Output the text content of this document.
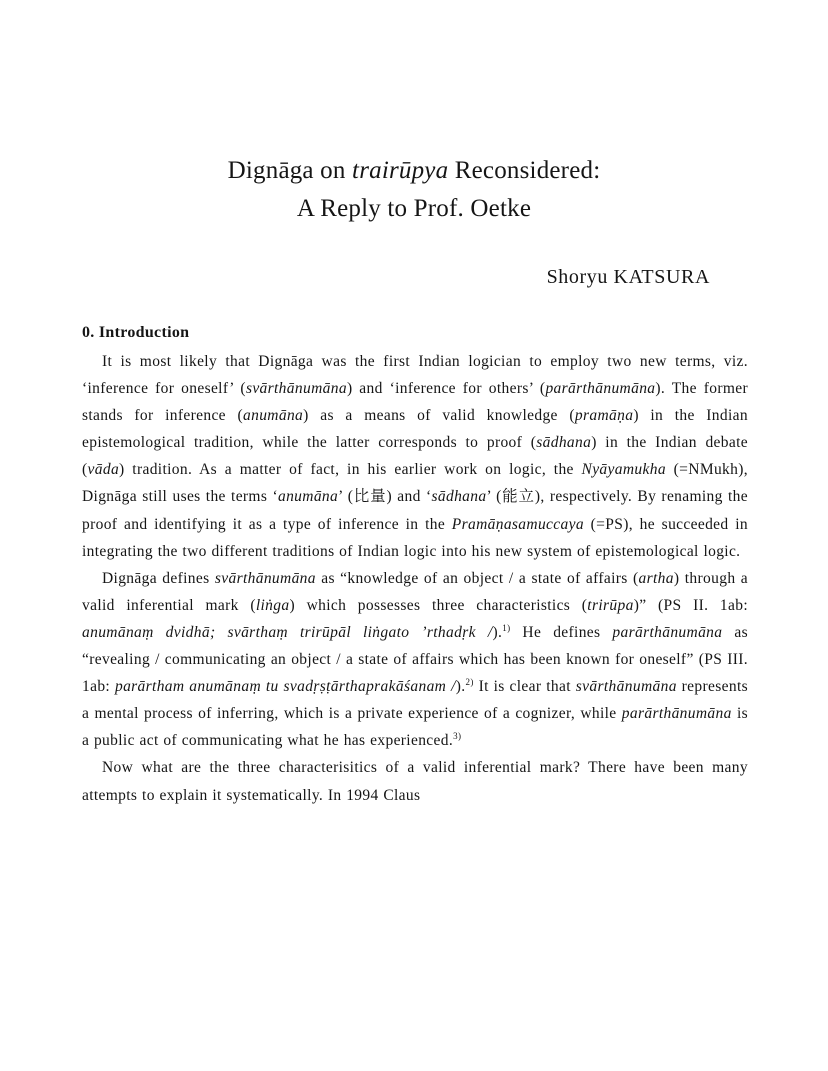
Dignāga on trairūpya Reconsidered:
A Reply to Prof. Oetke
Shoryu KATSURA
0. Introduction

It is most likely that Dignāga was the first Indian logician to employ two new terms, viz. ‘inference for oneself’ (svārthānumāna) and ‘inference for others’ (parārthānumāna). The former stands for inference (anumāna) as a means of valid knowledge (pramāṇa) in the Indian epistemological tradition, while the latter corresponds to proof (sādhana) in the Indian debate (vāda) tradition. As a matter of fact, in his earlier work on logic, the Nyāyamukha (=NMukh), Dignāga still uses the terms ‘anumāna’ (比量) and ‘sādhana’ (能立), respectively. By renaming the proof and identifying it as a type of inference in the Pramāṇasamuccaya (=PS), he succeeded in integrating the two different traditions of Indian logic into his new system of epistemological logic.

Dignāga defines svārthānumāna as “knowledge of an object / a state of affairs (artha) through a valid inferential mark (liṅga) which possesses three characteristics (trirūpa)” (PS II. 1ab: anumānaṃ dvidhā; svārthaṃ trirūpāl liṅgato ’rthadṛk /).$^{1)}$ He defines parārthānumāna as “revealing / communicating an object / a state of affairs which has been known for oneself” (PS III. 1ab: parārtham anumānaṃ tu svadṛṣṭārthaprakāśanam /).$^{2)}$ It is clear that svārthānumāna represents a mental process of inferring, which is a private experience of a cognizer, while parārthānumāna is a public act of communicating what he has experienced.$^{3)}$

Now what are the three characterisitics of a valid inferential mark? There have been many attempts to explain it systematically. In 1994 Claus
